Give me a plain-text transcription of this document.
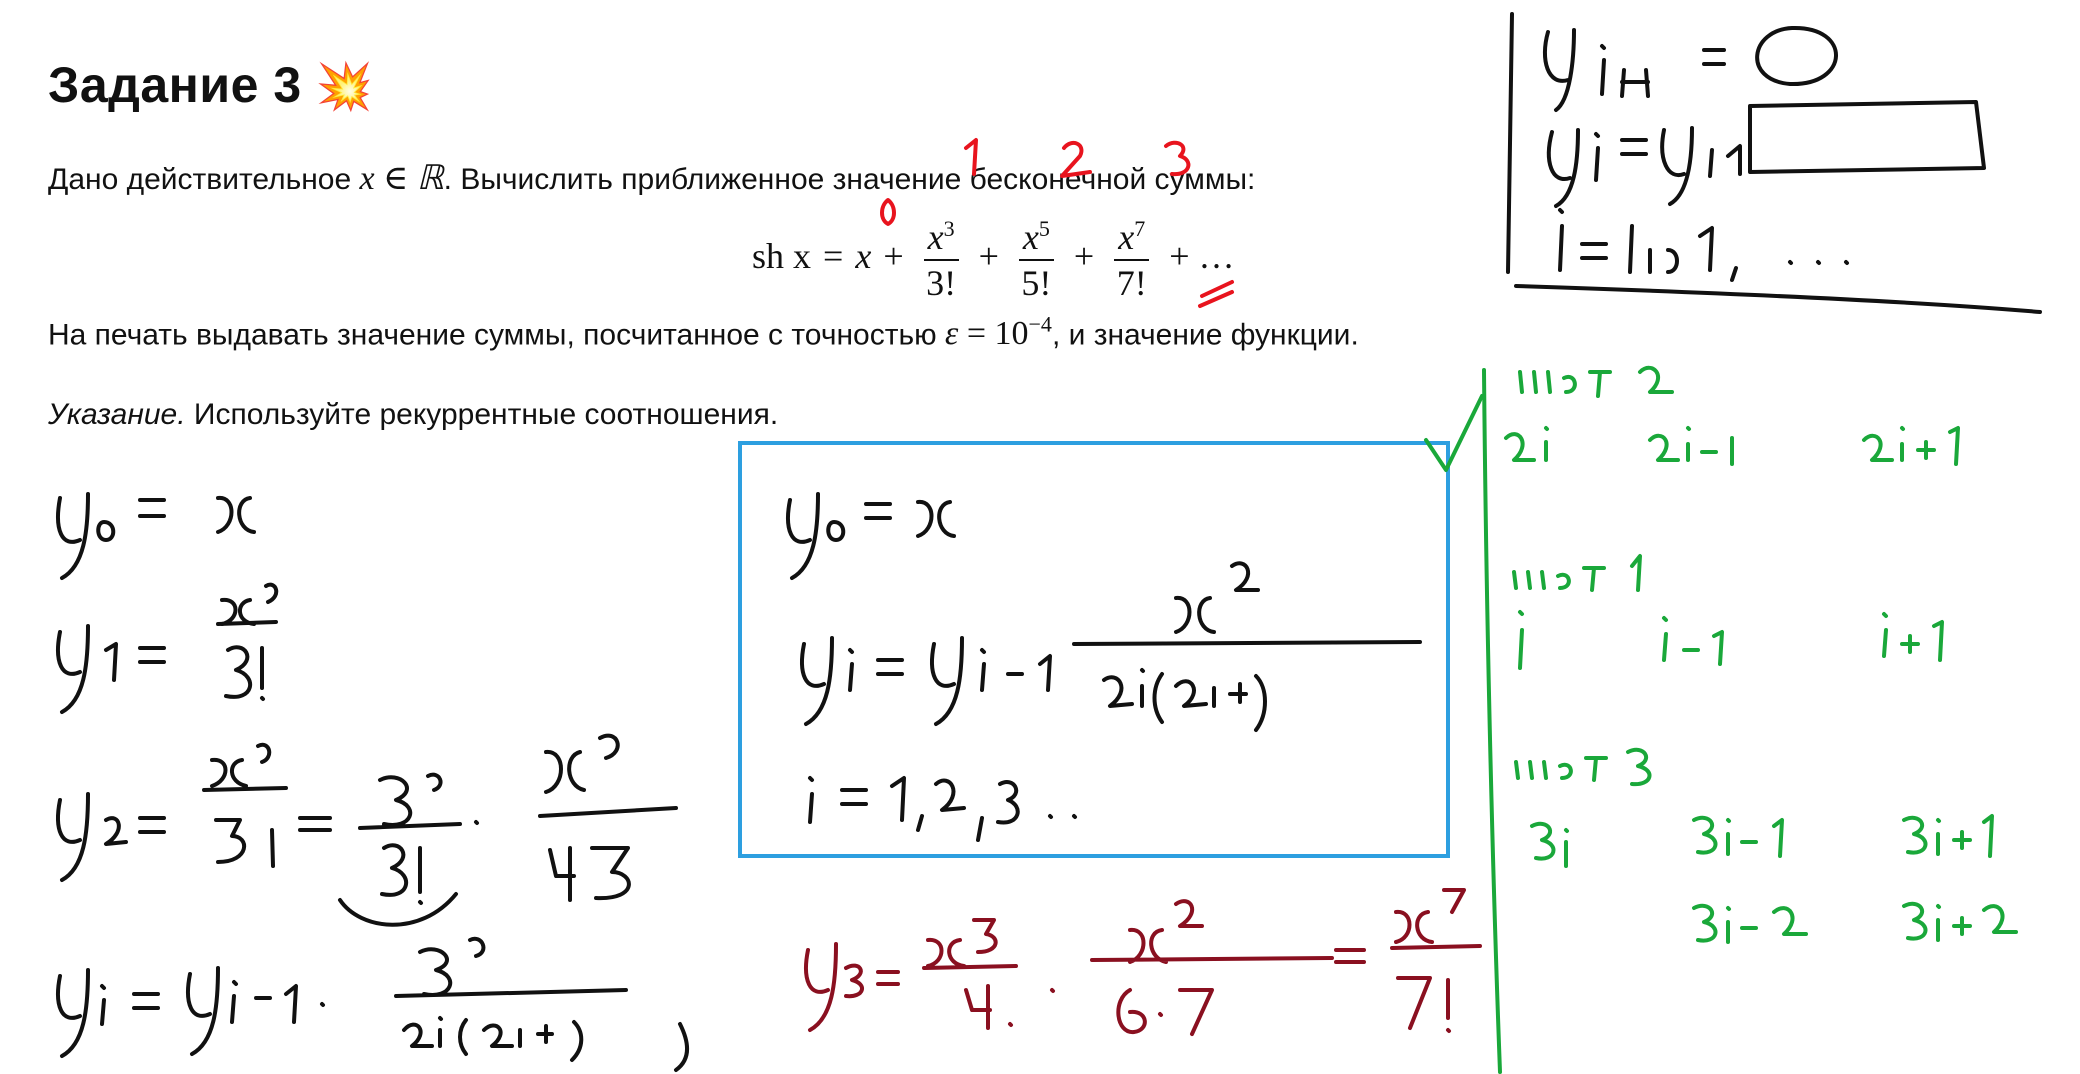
Задание 3 💥
Дано действительное x ∈ ℝ. Вычислить приближенное значение бесконечной суммы:
sh $x = x + \frac{x^3}{3!} + \frac{x^5}{5!} + \frac{x^7}{7!}$ + …
На печать выдавать значение суммы, посчитанное с точностью $\varepsilon = 10^{-4}$, и значение функции.
Указание. Используйте рекуррентные соотношения.
